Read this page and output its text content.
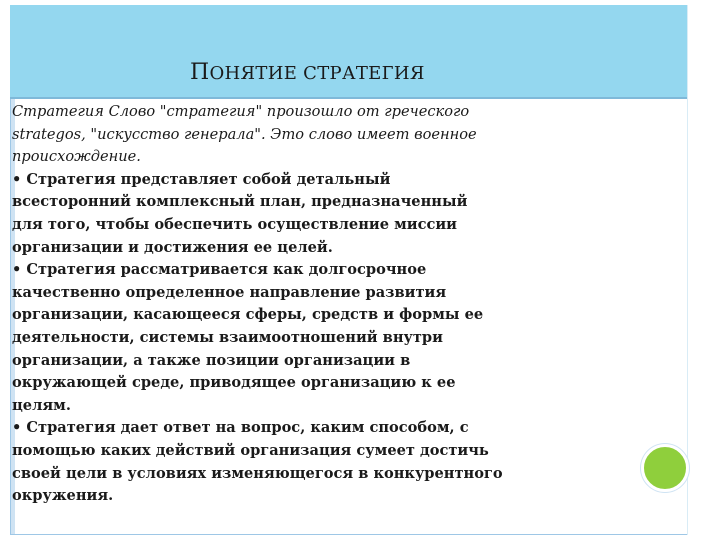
ПОНЯТИЕ СТРАТЕГИЯ
Стратегия Слово "стратегия" произошло от греческого
strategos, "искусство генерала". Это слово имеет военное
происхождение.
• Стратегия представляет собой детальный
всесторонний комплексный план, предназначенный
для того, чтобы обеспечить осуществление миссии
организации и достижения ее целей.
• Стратегия рассматривается как долгосрочное
качественно определенное направление развития
организации, касающееся сферы, средств и формы ее
деятельности, системы взаимоотношений внутри
организации, а также позиции организации в
окружающей среде, приводящее организацию к ее
целям.
• Стратегия дает ответ на вопрос, каким способом, с
помощью каких действий организация сумеет достичь
своей цели в условиях изменяющегося в конкурентного
окружения.
